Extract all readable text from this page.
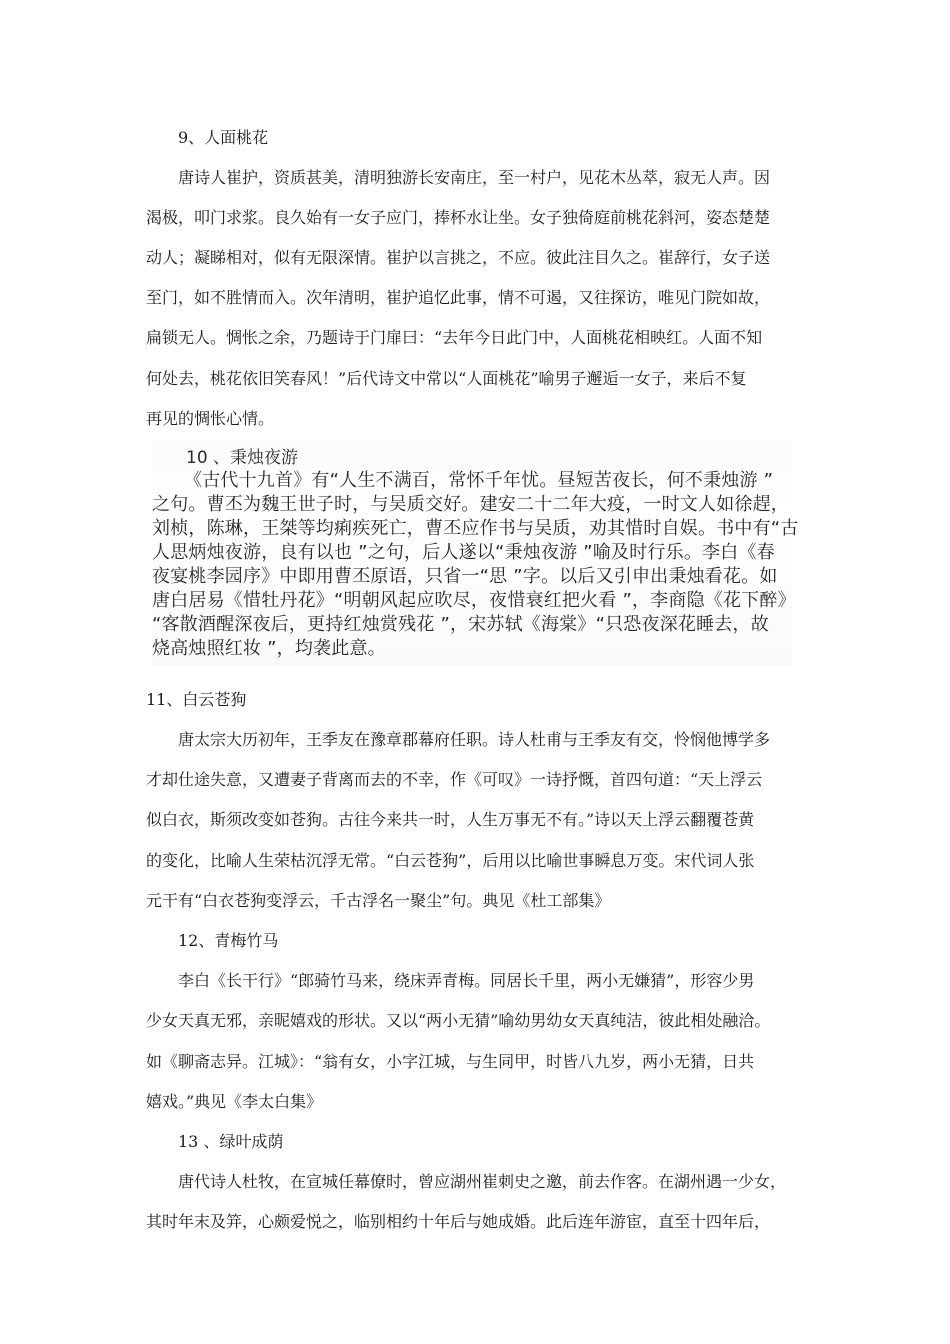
9、人面桃花
唐诗人崔护，资质甚美，清明独游长安南庄，至一村户，见花木丛萃，寂无人声。因
渴极，叩门求浆。良久始有一女子应门，捧杯水让坐。女子独倚庭前桃花斜河，姿态楚楚
动人；凝睇相对，似有无限深情。崔护以言挑之，不应。彼此注目久之。崔辞行，女子送
至门，如不胜情而入。次年清明，崔护追忆此事，情不可遏，又往探访，唯见门院如故，
扁锁无人。惆怅之余，乃题诗于门扉曰：“去年今日此门中，人面桃花相映红。人面不知
何处去，桃花依旧笑春风！”后代诗文中常以“人面桃花”喻男子邂逅一女子，来后不复
再见的惆怅心情。
10 、秉烛夜游
《古代十九首》有“人生不满百，常怀千年忧。昼短苦夜长，何不秉烛游 ”
之句。曹丕为魏王世子时，与吴质交好。建安二十二年大疫，一时文人如徐趕，
刘桢，陈琳，王桀等均痢疾死亡，曹丕应作书与吴质，劝其惜时自娱。书中有“古
人思炳烛夜游，良有以也 ”之句，后人遂以“秉烛夜游 ”喻及时行乐。李白《春
夜宴桃李园序》中即用曹丕原语，只省一“思 ”字。以后又引申出秉烛看花。如
唐白居易《惜牡丹花》“明朝风起应吹尽，夜惜衰红把火看 ”，李商隐《花下醉》
“客散酒醒深夜后，更持红烛赏残花 ”，宋苏轼《海棠》“只恐夜深花睡去，故
烧高烛照红妆 ”，均袭此意。
11、白云苍狗
唐太宗大历初年，王季友在豫章郡幕府任职。诗人杜甫与王季友有交，怜悯他博学多
才却仕途失意，又遭妻子背离而去的不幸，作《可叹》一诗抒慨，首四句道：“天上浮云
似白衣，斯须改变如苍狗。古往今来共一时，人生万事无不有。”诗以天上浮云翻覆苍黄
的变化，比喻人生荣枯沉浮无常。“白云苍狗”，后用以比喻世事瞬息万变。宋代词人张
元干有“白衣苍狗变浮云，千古浮名一聚尘”句。典见《杜工部集》
12、青梅竹马
李白《长干行》“郎骑竹马来，绕床弄青梅。同居长千里，两小无嫌猜”，形容少男
少女天真无邪，亲昵嬉戏的形状。又以“两小无猜”喻幼男幼女天真纯洁，彼此相处融洽。
如《聊斋志异。江城》：“翁有女，小字江城，与生同甲，时皆八九岁，两小无猜，日共
嬉戏。”典见《李太白集》
13 、绿叶成荫
唐代诗人杜牧，在宣城任幕僚时，曾应湖州崔刺史之邀，前去作客。在湖州遇一少女，
其时年末及笄，心颇爱悦之，临别相约十年后与她成婚。此后连年游宦，直至十四年后，
